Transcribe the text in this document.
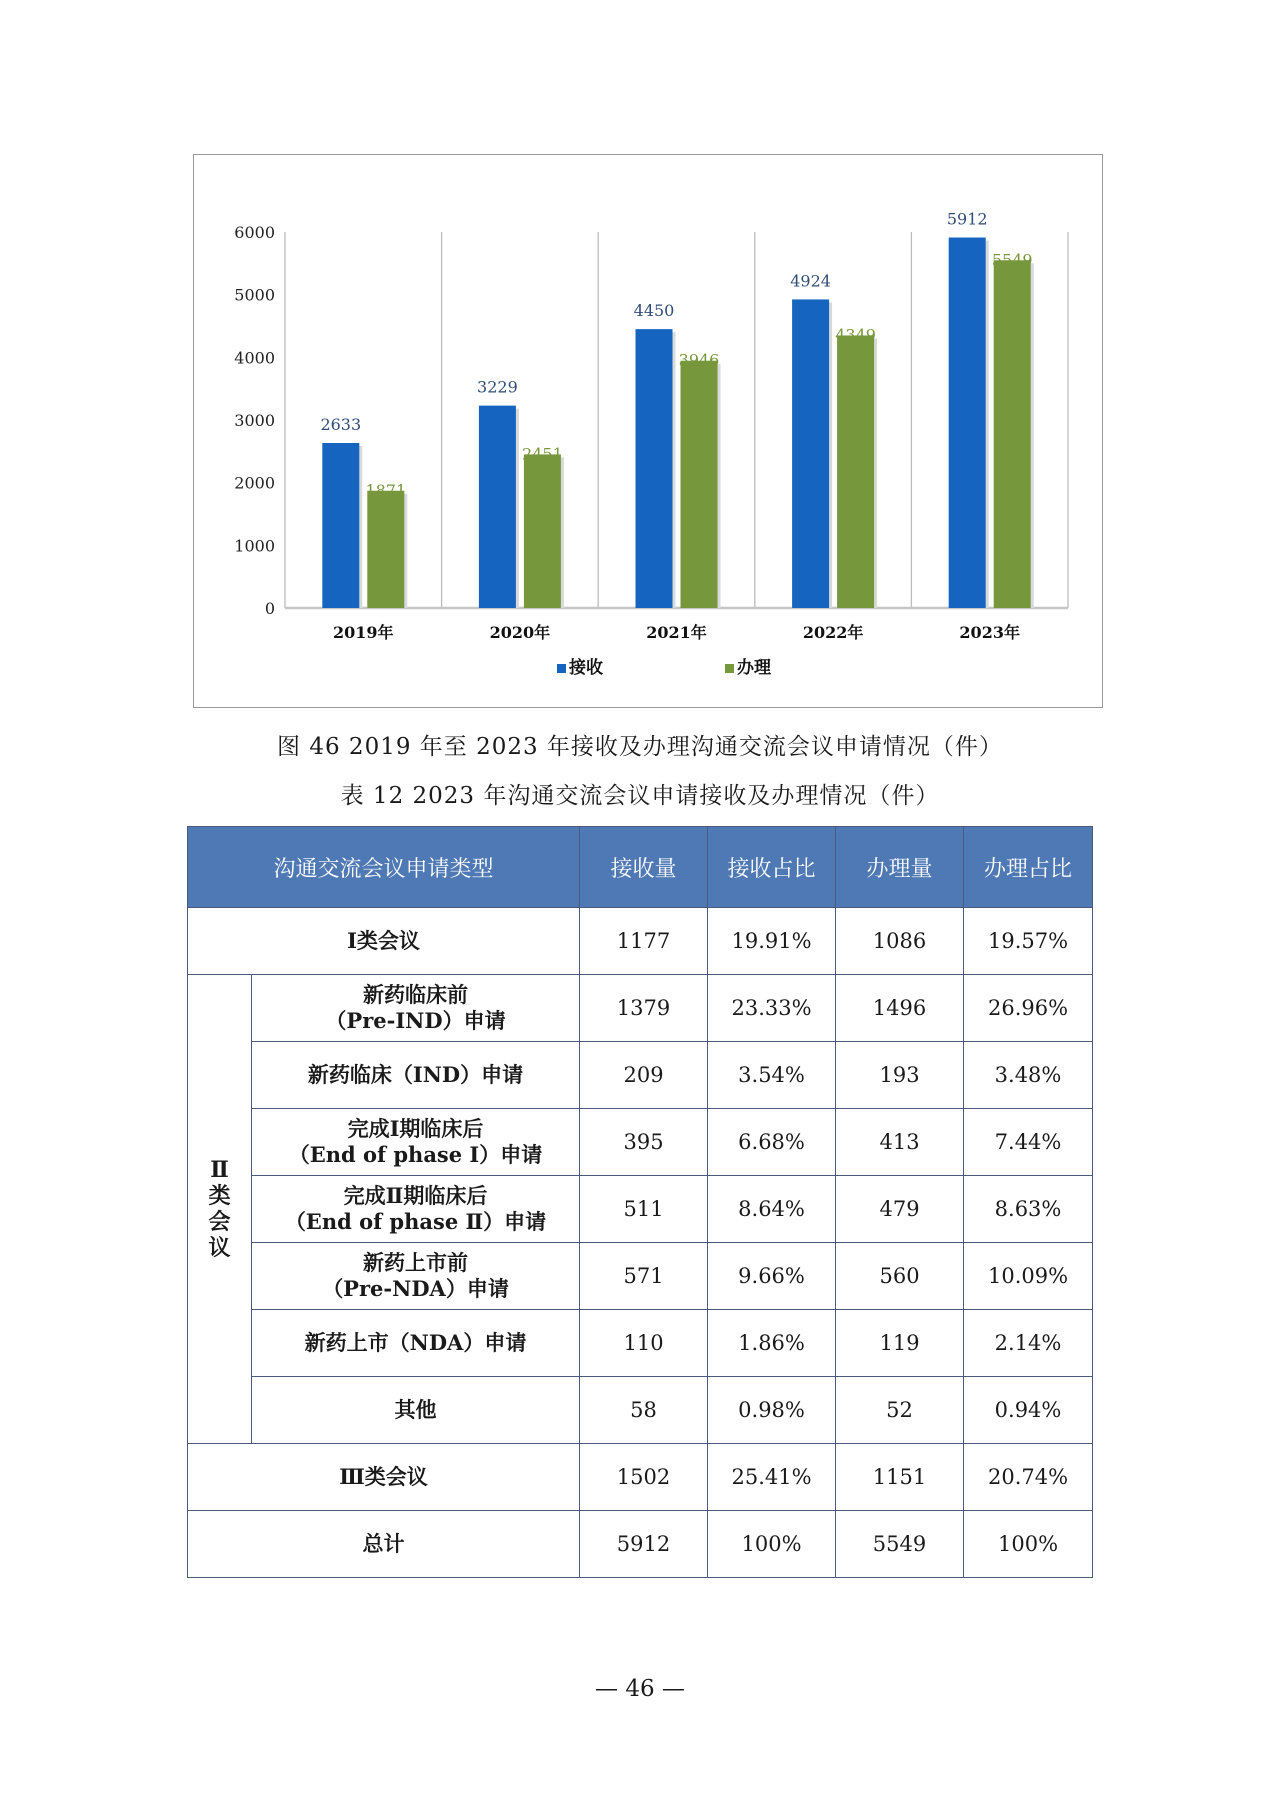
0
1000
2000
3000
4000
5000
6000
2633
1871
2019年
3229
2451
2020年
4450
3946
2021年
4924
4349
2022年
5912
5549
2023年
接收	办理
图 46 2019 年至 2023 年接收及办理沟通交流会议申请情况（件）
表 12 2023 年沟通交流会议申请接收及办理情况（件）
沟通交流会议申请类型		接收量	接收占比	办理量	办理占比
Ⅰ类会议		1177	19.91%	1086	19.57%
Ⅱ类会议	新药临床前
（Pre-IND）申请	1379	23.33%	1496	26.96%
	新药临床（IND）申请	209	3.54%	193	3.48%
	完成Ⅰ期临床后
（End of phase Ⅰ）申请	395	6.68%	413	7.44%
	完成Ⅱ期临床后
（End of phase Ⅱ）申请	511	8.64%	479	8.63%
	新药上市前
（Pre-NDA）申请	571	9.66%	560	10.09%
	新药上市（NDA）申请	110	1.86%	119	2.14%
	其他	58	0.98%	52	0.94%
Ⅲ类会议		1502	25.41%	1151	20.74%
总计		5912	100%	5549	100%
— 46 —
